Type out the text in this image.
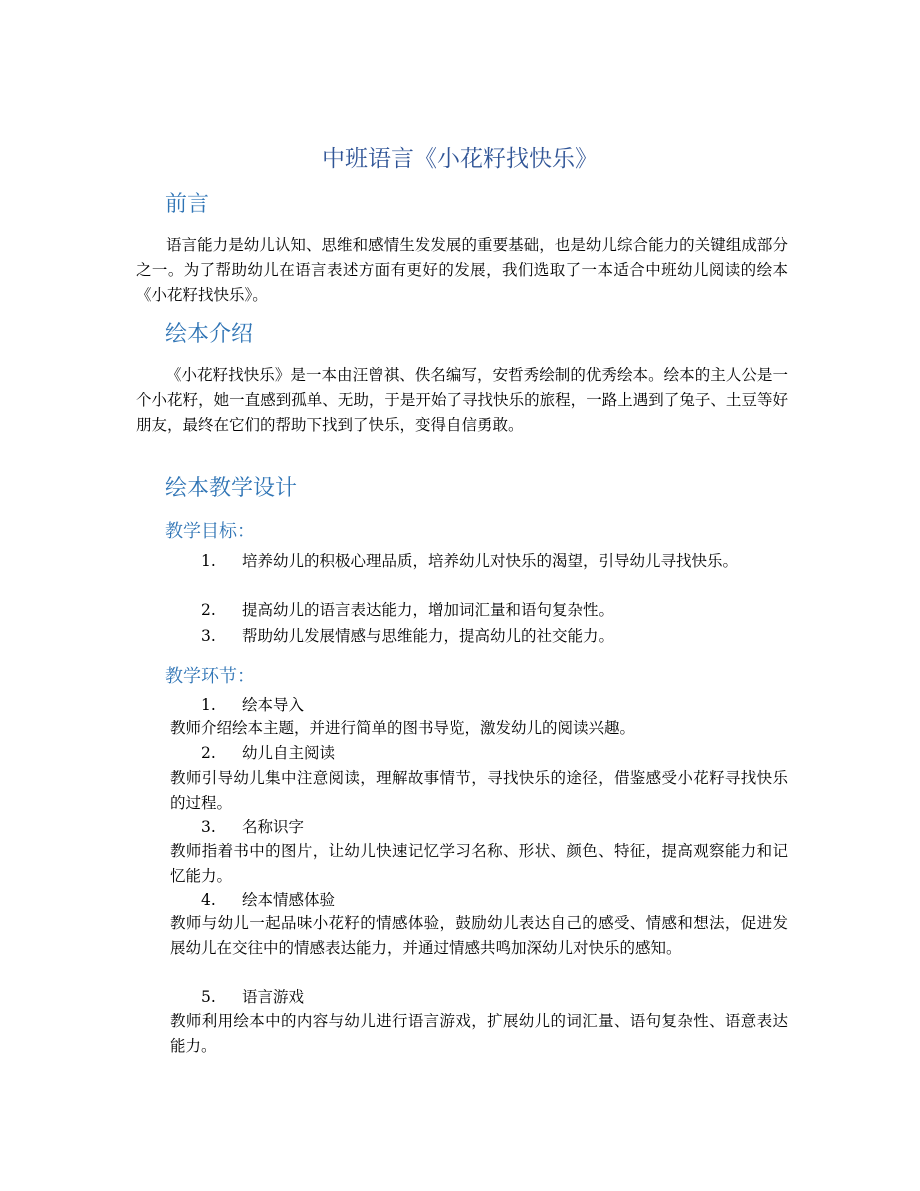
中班语言《小花籽找快乐》
前言

语言能力是幼儿认知、思维和感情生发发展的重要基础，也是幼儿综合能力的关键组成部分之一。为了帮助幼儿在语言表述方面有更好的发展，我们选取了一本适合中班幼儿阅读的绘本《小花籽找快乐》。

绘本介绍

《小花籽找快乐》是一本由汪曾祺、佚名编写，安哲秀绘制的优秀绘本。绘本的主人公是一个小花籽，她一直感到孤单、无助，于是开始了寻找快乐的旅程，一路上遇到了兔子、土豆等好朋友，最终在它们的帮助下找到了快乐，变得自信勇敢。

绘本教学设计
教学目标：

1. 培养幼儿的积极心理品质，培养幼儿对快乐的渴望，引导幼儿寻找快乐。

2. 提高幼儿的语言表达能力，增加词汇量和语句复杂性。

3. 帮助幼儿发展情感与思维能力，提高幼儿的社交能力。

教学环节：

1. 绘本导入

教师介绍绘本主题，并进行简单的图书导览，激发幼儿的阅读兴趣。

2. 幼儿自主阅读

教师引导幼儿集中注意阅读，理解故事情节，寻找快乐的途径，借鉴感受小花籽寻找快乐的过程。

3. 名称识字

教师指着书中的图片，让幼儿快速记忆学习名称、形状、颜色、特征，提高观察能力和记忆能力。

4. 绘本情感体验

教师与幼儿一起品味小花籽的情感体验，鼓励幼儿表达自己的感受、情感和想法，促进发展幼儿在交往中的情感表达能力，并通过情感共鸣加深幼儿对快乐的感知。

5. 语言游戏

教师利用绘本中的内容与幼儿进行语言游戏，扩展幼儿的词汇量、语句复杂性、语意表达能力。
